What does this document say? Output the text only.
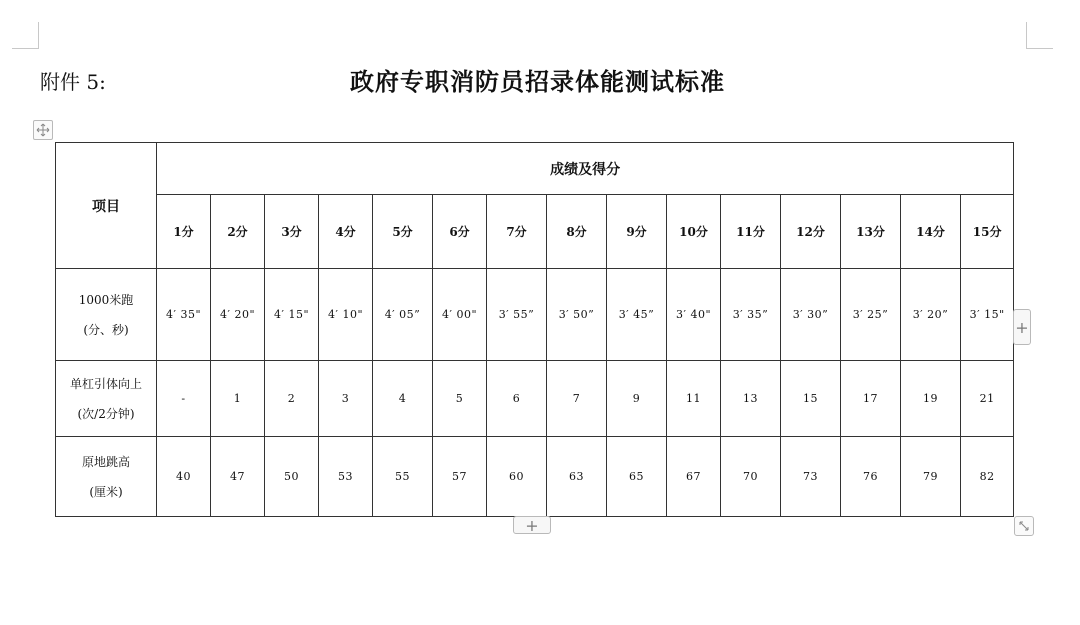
附件 5:	政府专职消防员招录体能测试标准
项目	成绩及得分														
	1分	2分	3分	4分	5分	6分	7分	8分	9分	10分	11分	12分	13分	14分	15分

1000米跑
(分、秒)	4′ 35"	4′ 20"	4′ 15"	4′ 10"	4′ 05”	4′ 00"	3′ 55”	3′ 50”	3′ 45”	3′ 40"	3′ 35”	3′ 30”	3′ 25”	3′ 20”	3′ 15"

单杠引体向上
(次/2分钟)	-	1	2	3	4	5	6	7	9	11	13	15	17	19	21

原地跳高
(厘米)	40	47	50	53	55	57	60	63	65	67	70	73	76	79	82
+
+
